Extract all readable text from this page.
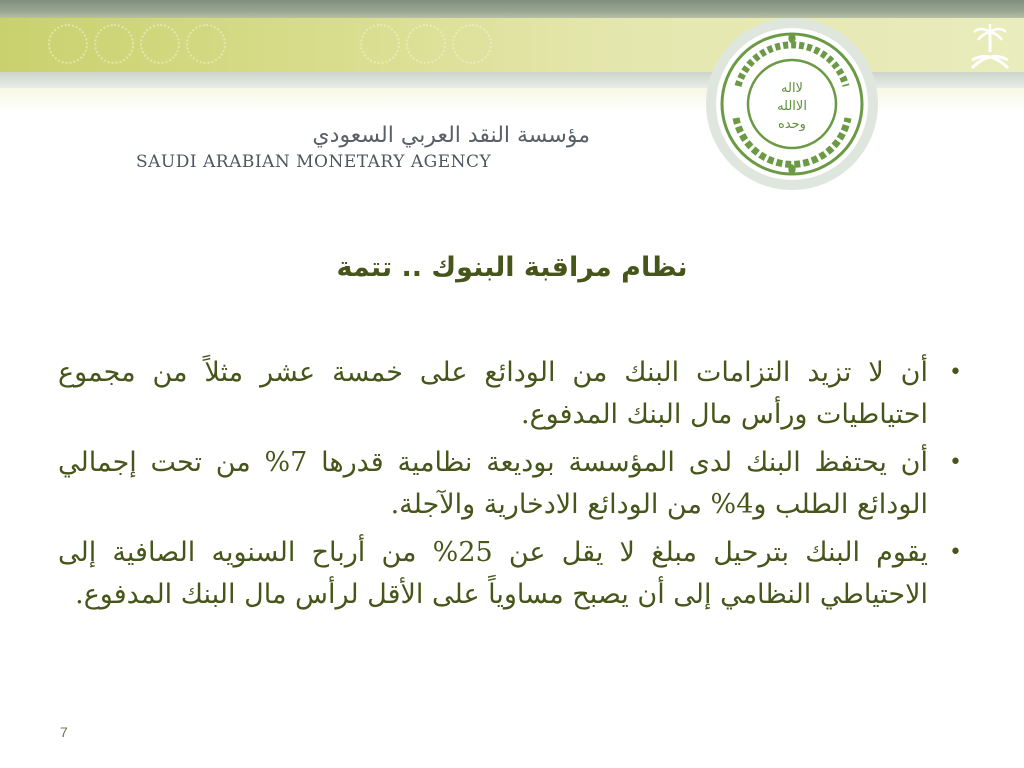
لااله
الاالله
وحده
مؤسسة النقد العربي السعودي
SAUDI ARABIAN MONETARY AGENCY
نظام مراقبة البنوك .. تتمة
•
أن لا تزيد التزامات البنك من الودائع على خمسة عشر مثلاً من مجموع احتياطيات ورأس مال البنك المدفوع.
•
أن يحتفظ البنك لدى المؤسسة بوديعة نظامية قدرها 7% من تحت إجمالي الودائع الطلب و4% من الودائع الادخارية والآجلة.
•
يقوم البنك بترحيل مبلغ لا يقل عن 25% من أرباح السنويه الصافية إلى الاحتياطي النظامي إلى أن يصبح مساوياً على الأقل لرأس مال البنك المدفوع.
7
